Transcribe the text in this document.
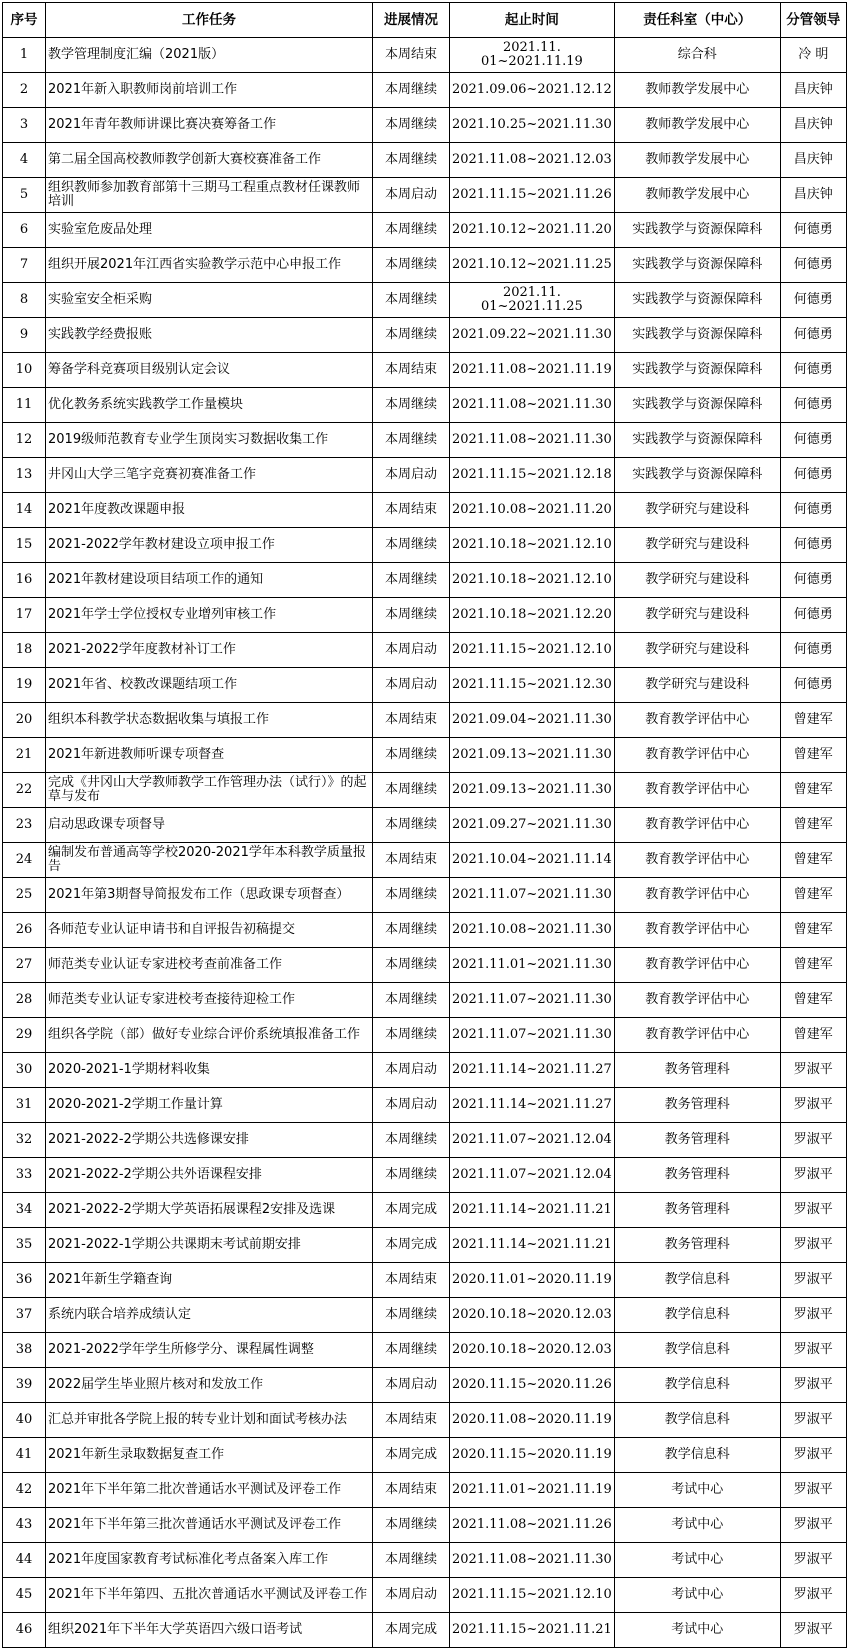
序号	工作任务	进展情况	起止时间	责任科室（中心）	分管领导
1	教学管理制度汇编（2021版）	本周结束	2021.11. 01~2021.11.19	综合科	冷 明
2	2021年新入职教师岗前培训工作	本周继续	2021.09.06~2021.12.12	教师教学发展中心	昌庆钟
3	2021年青年教师讲课比赛决赛筹备工作	本周继续	2021.10.25~2021.11.30	教师教学发展中心	昌庆钟
4	第二届全国高校教师教学创新大赛校赛准备工作	本周继续	2021.11.08~2021.12.03	教师教学发展中心	昌庆钟
5	组织教师参加教育部第十三期马工程重点教材任课教师培训	本周启动	2021.11.15~2021.11.26	教师教学发展中心	昌庆钟
6	实验室危废品处理	本周继续	2021.10.12~2021.11.20	实践教学与资源保障科	何德勇
7	组织开展2021年江西省实验教学示范中心申报工作	本周继续	2021.10.12~2021.11.25	实践教学与资源保障科	何德勇
8	实验室安全柜采购	本周继续	2021.11. 01~2021.11.25	实践教学与资源保障科	何德勇
9	实践教学经费报账	本周继续	2021.09.22~2021.11.30	实践教学与资源保障科	何德勇
10	筹备学科竞赛项目级别认定会议	本周结束	2021.11.08~2021.11.19	实践教学与资源保障科	何德勇
11	优化教务系统实践教学工作量模块	本周继续	2021.11.08~2021.11.30	实践教学与资源保障科	何德勇
12	2019级师范教育专业学生顶岗实习数据收集工作	本周继续	2021.11.08~2021.11.30	实践教学与资源保障科	何德勇
13	井冈山大学三笔字竞赛初赛准备工作	本周启动	2021.11.15~2021.12.18	实践教学与资源保障科	何德勇
14	2021年度教改课题申报	本周结束	2021.10.08~2021.11.20	教学研究与建设科	何德勇
15	2021-2022学年教材建设立项申报工作	本周继续	2021.10.18~2021.12.10	教学研究与建设科	何德勇
16	2021年教材建设项目结项工作的通知	本周继续	2021.10.18~2021.12.10	教学研究与建设科	何德勇
17	2021年学士学位授权专业增列审核工作	本周继续	2021.10.18~2021.12.20	教学研究与建设科	何德勇
18	2021-2022学年度教材补订工作	本周启动	2021.11.15~2021.12.10	教学研究与建设科	何德勇
19	2021年省、校教改课题结项工作	本周启动	2021.11.15~2021.12.30	教学研究与建设科	何德勇
20	组织本科教学状态数据收集与填报工作	本周结束	2021.09.04~2021.11.30	教育教学评估中心	曾建军
21	2021年新进教师听课专项督查	本周继续	2021.09.13~2021.11.30	教育教学评估中心	曾建军
22	完成《井冈山大学教师教学工作管理办法（试行）》的起草与发布	本周继续	2021.09.13~2021.11.30	教育教学评估中心	曾建军
23	启动思政课专项督导	本周继续	2021.09.27~2021.11.30	教育教学评估中心	曾建军
24	编制发布普通高等学校2020-2021学年本科教学质量报告	本周结束	2021.10.04~2021.11.14	教育教学评估中心	曾建军
25	2021年第3期督导简报发布工作（思政课专项督查）	本周继续	2021.11.07~2021.11.30	教育教学评估中心	曾建军
26	各师范专业认证申请书和自评报告初稿提交	本周继续	2021.10.08~2021.11.30	教育教学评估中心	曾建军
27	师范类专业认证专家进校考查前准备工作	本周继续	2021.11.01~2021.11.30	教育教学评估中心	曾建军
28	师范类专业认证专家进校考查接待迎检工作	本周继续	2021.11.07~2021.11.30	教育教学评估中心	曾建军
29	组织各学院（部）做好专业综合评价系统填报准备工作	本周继续	2021.11.07~2021.11.30	教育教学评估中心	曾建军
30	2020-2021-1学期材料收集	本周启动	2021.11.14~2021.11.27	教务管理科	罗淑平
31	2020-2021-2学期工作量计算	本周启动	2021.11.14~2021.11.27	教务管理科	罗淑平
32	2021-2022-2学期公共选修课安排	本周继续	2021.11.07~2021.12.04	教务管理科	罗淑平
33	2021-2022-2学期公共外语课程安排	本周继续	2021.11.07~2021.12.04	教务管理科	罗淑平
34	2021-2022-2学期大学英语拓展课程2安排及选课	本周完成	2021.11.14~2021.11.21	教务管理科	罗淑平
35	2021-2022-1学期公共课期末考试前期安排	本周完成	2021.11.14~2021.11.21	教务管理科	罗淑平
36	2021年新生学籍查询	本周结束	2020.11.01~2020.11.19	教学信息科	罗淑平
37	系统内联合培养成绩认定	本周继续	2020.10.18~2020.12.03	教学信息科	罗淑平
38	2021-2022学年学生所修学分、课程属性调整	本周继续	2020.10.18~2020.12.03	教学信息科	罗淑平
39	2022届学生毕业照片核对和发放工作	本周启动	2020.11.15~2020.11.26	教学信息科	罗淑平
40	汇总并审批各学院上报的转专业计划和面试考核办法	本周结束	2020.11.08~2020.11.19	教学信息科	罗淑平
41	2021年新生录取数据复查工作	本周完成	2020.11.15~2020.11.19	教学信息科	罗淑平
42	2021年下半年第二批次普通话水平测试及评卷工作	本周结束	2021.11.01~2021.11.19	考试中心	罗淑平
43	2021年下半年第三批次普通话水平测试及评卷工作	本周继续	2021.11.08~2021.11.26	考试中心	罗淑平
44	2021年度国家教育考试标准化考点备案入库工作	本周继续	2021.11.08~2021.11.30	考试中心	罗淑平
45	2021年下半年第四、五批次普通话水平测试及评卷工作	本周启动	2021.11.15~2021.12.10	考试中心	罗淑平
46	组织2021年下半年大学英语四六级口语考试	本周完成	2021.11.15~2021.11.21	考试中心	罗淑平
